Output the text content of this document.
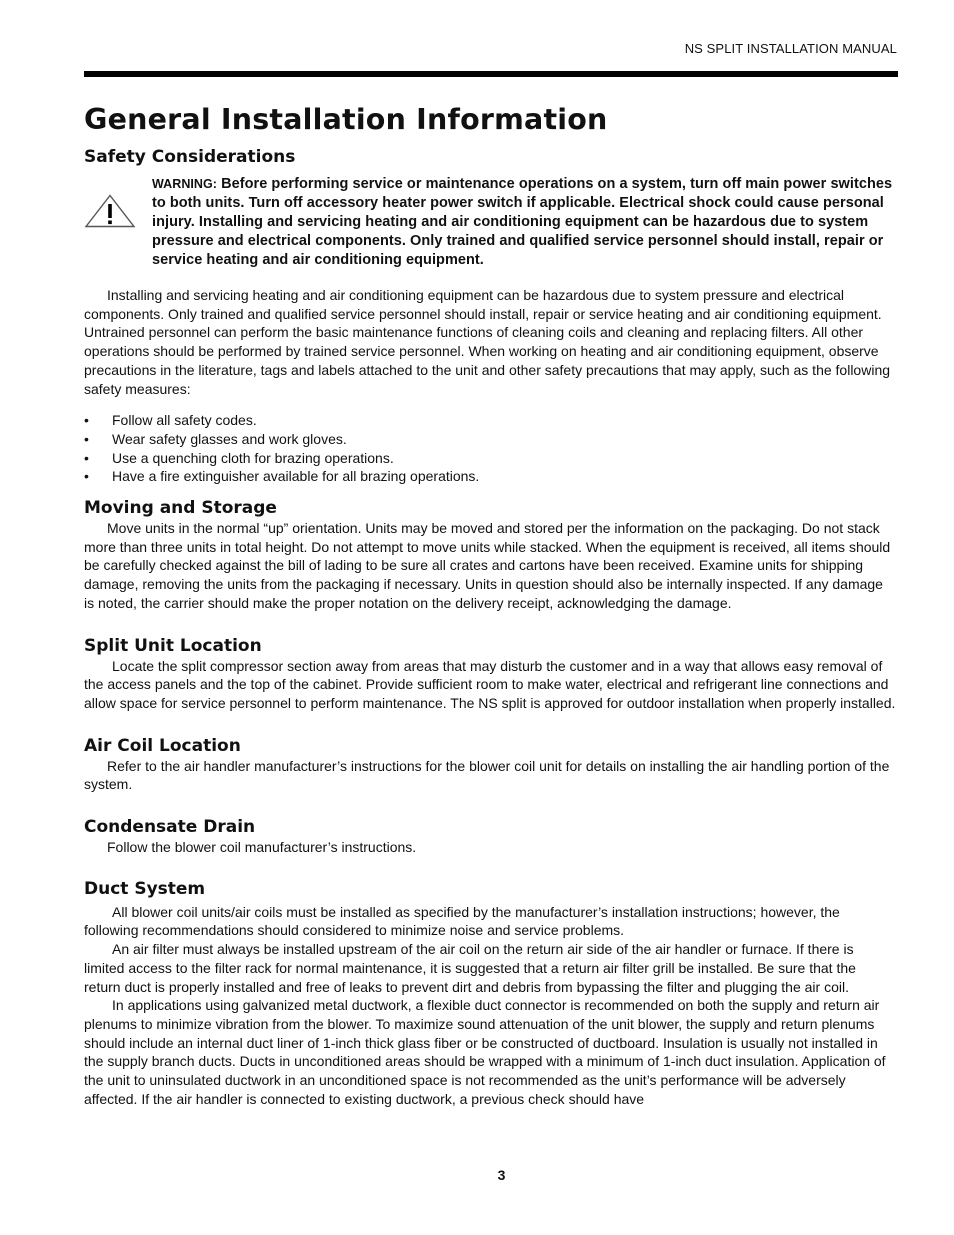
NS SPLIT INSTALLATION MANUAL
General Installation Information
Safety Considerations
WARNING: Before performing service or maintenance operations on a system, turn off main power switches to both units. Turn off accessory heater power switch if applicable. Electrical shock could cause personal injury. Installing and servicing heating and air conditioning equipment can be hazardous due to system pressure and electrical components. Only trained and qualified service personnel should install, repair or service heating and air conditioning equipment.

Installing and servicing heating and air conditioning equipment can be hazardous due to system pressure and electrical components. Only trained and qualified service personnel should install, repair or service heating and air conditioning equipment. Untrained personnel can perform the basic maintenance functions of cleaning coils and cleaning and replacing filters. All other operations should be performed by trained service personnel. When working on heating and air conditioning equipment, observe precautions in the literature, tags and labels attached to the unit and other safety precautions that may apply, such as the following safety measures:

• Follow all safety codes.
• Wear safety glasses and work gloves.
• Use a quenching cloth for brazing operations.
• Have a fire extinguisher available for all brazing operations.
Moving and Storage

Move units in the normal “up” orientation. Units may be moved and stored per the information on the packaging. Do not stack more than three units in total height. Do not attempt to move units while stacked. When the equipment is received, all items should be carefully checked against the bill of lading to be sure all crates and cartons have been received. Examine units for shipping damage, removing the units from the packaging if necessary. Units in question should also be internally inspected. If any damage is noted, the carrier should make the proper notation on the delivery receipt, acknowledging the damage.

Split Unit Location

Locate the split compressor section away from areas that may disturb the customer and in a way that allows easy removal of the access panels and the top of the cabinet. Provide sufficient room to make water, electrical and refrigerant line connections and allow space for service personnel to perform maintenance. The NS split is approved for outdoor installation when properly installed.

Air Coil Location

Refer to the air handler manufacturer’s instructions for the blower coil unit for details on installing the air handling portion of the system.

Condensate Drain

Follow the blower coil manufacturer’s instructions.

Duct System

All blower coil units/air coils must be installed as specified by the manufacturer’s installation instructions; however, the following recommendations should considered to minimize noise and service problems.

An air filter must always be installed upstream of the air coil on the return air side of the air handler or furnace. If there is limited access to the filter rack for normal maintenance, it is suggested that a return air filter grill be installed. Be sure that the return duct is properly installed and free of leaks to prevent dirt and debris from bypassing the filter and plugging the air coil.

In applications using galvanized metal ductwork, a flexible duct connector is recommended on both the supply and return air plenums to minimize vibration from the blower. To maximize sound attenuation of the unit blower, the supply and return plenums should include an internal duct liner of 1-inch thick glass fiber or be constructed of ductboard. Insulation is usually not installed in the supply branch ducts. Ducts in unconditioned areas should be wrapped with a minimum of 1-inch duct insulation. Application of the unit to uninsulated ductwork in an unconditioned space is not recommended as the unit’s performance will be adversely affected. If the air handler is connected to existing ductwork, a previous check should have

3
